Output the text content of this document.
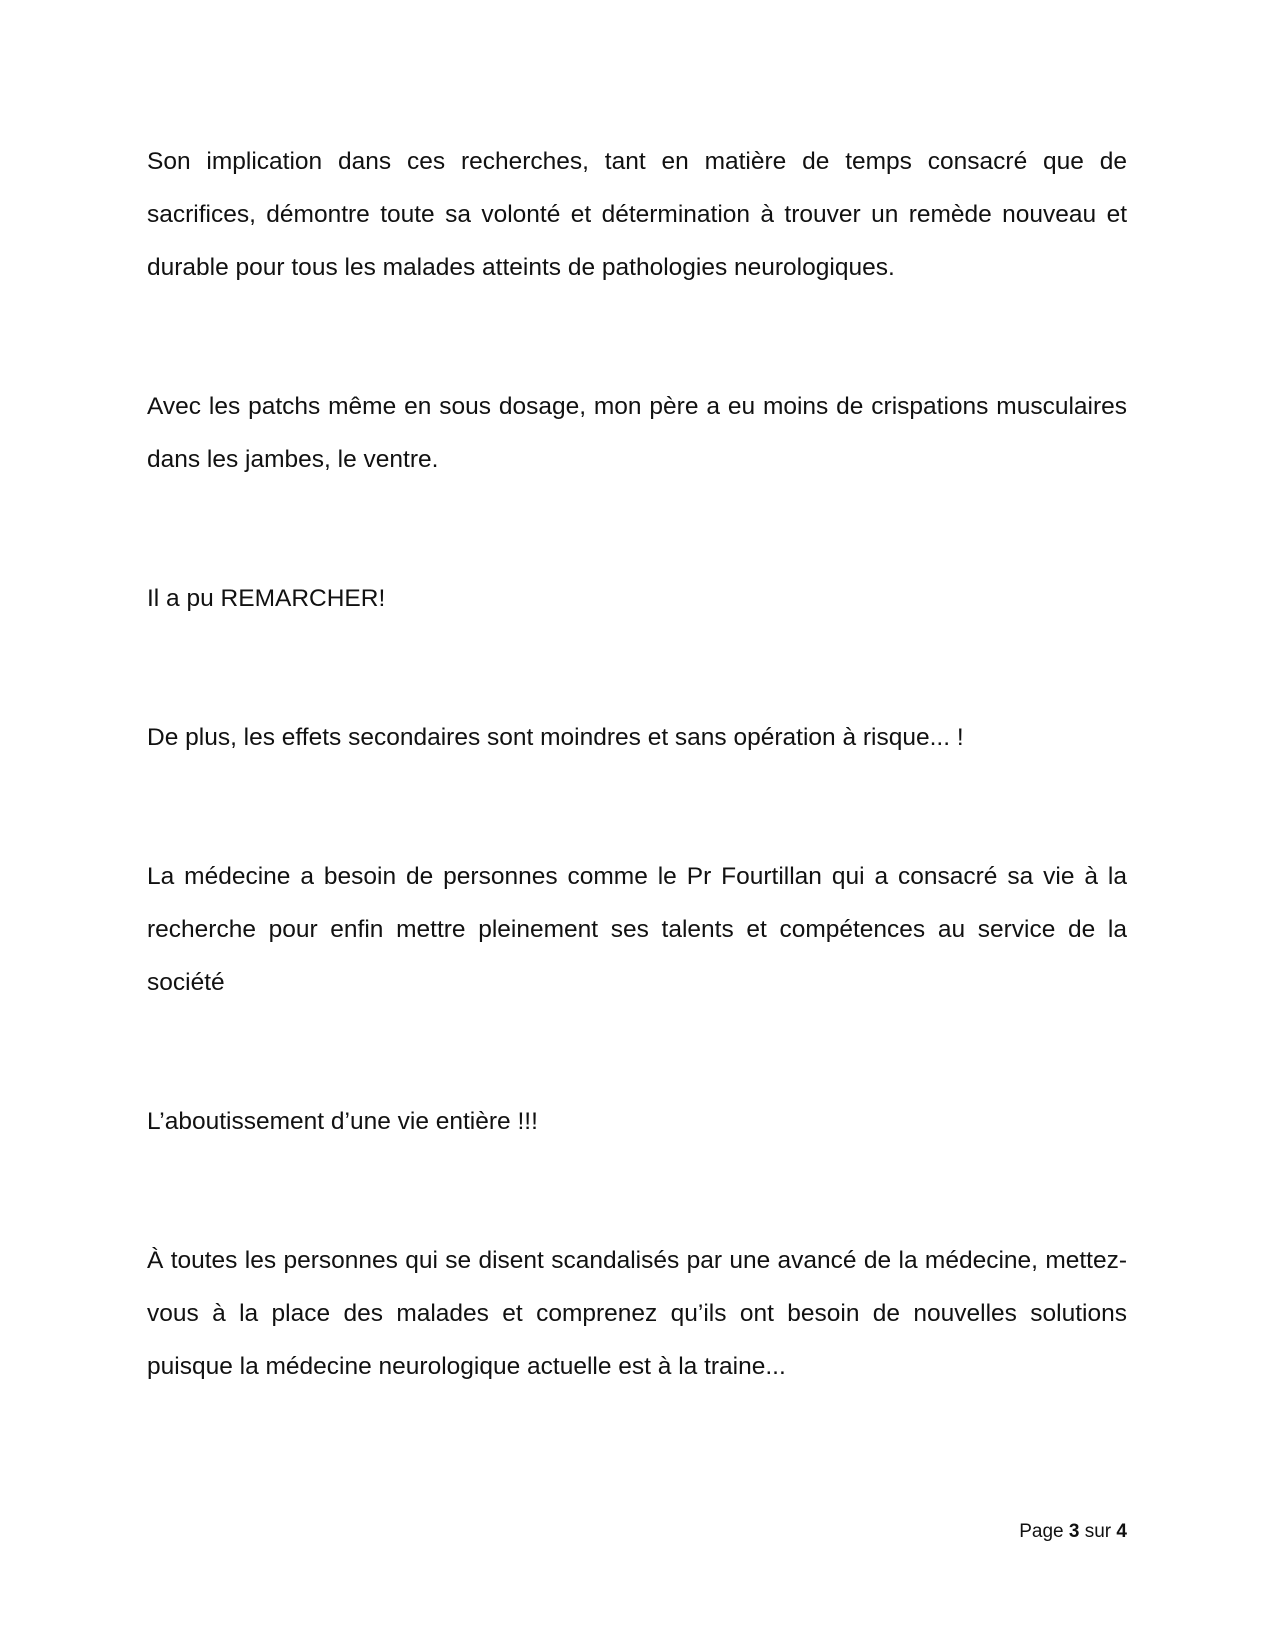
Son implication dans ces recherches, tant en matière de temps consacré que de sacrifices, démontre toute sa volonté et détermination à trouver un remède nouveau et durable pour tous les malades atteints de pathologies neurologiques.

Avec les patchs même en sous dosage, mon père a eu moins de crispations musculaires dans les jambes, le ventre.

Il a pu REMARCHER!

De plus, les effets secondaires sont moindres et sans opération à risque... !

La médecine a besoin de personnes comme le Pr Fourtillan qui a consacré sa vie à la recherche pour enfin mettre pleinement ses talents et compétences au service de la société

L’aboutissement d’une vie entière !!!

À toutes les personnes qui se disent scandalisés par une avancé de la médecine, mettez-vous à la place des malades et comprenez qu’ils ont besoin de nouvelles solutions puisque la médecine neurologique actuelle est à la traine...

Page 3 sur 4
